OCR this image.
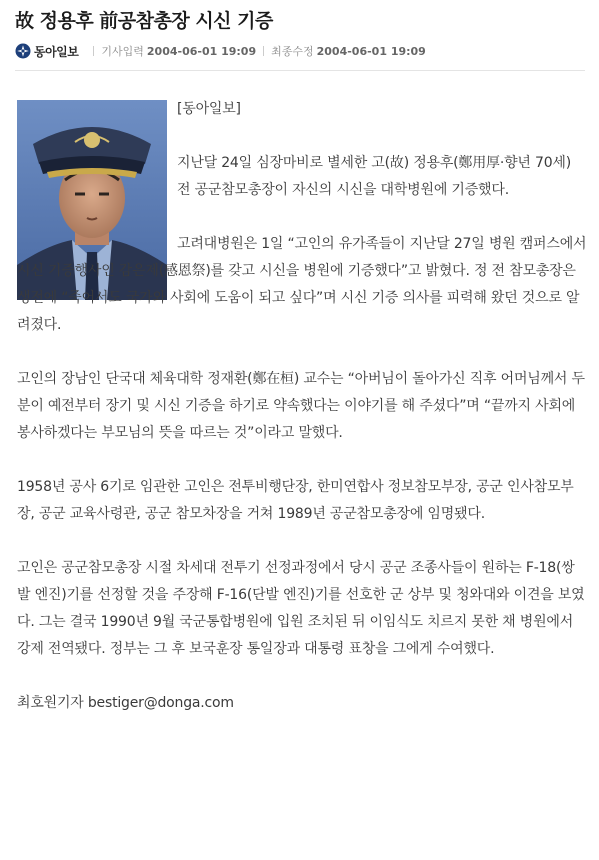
故 정용후 前공참총장 시신 기증
동아일보 기사입력 2004-06-01 19:09 최종수정 2004-06-01 19:09

[동아일보]

지난달 24일 심장마비로 별세한 고(故) 정용후(鄭用厚·향년 70세) 전 공군참모총장이 자신의 시신을 대학병원에 기증했다.

고려대병원은 1일 “고인의 유가족들이 지난달 27일 병원 캠퍼스에서 시신 기증행사인 감은제(感恩祭)를 갖고 시신을 병원에 기증했다”고 밝혔다. 정 전 참모총장은 생전에 “죽어서도 국가와 사회에 도움이 되고 싶다”며 시신 기증 의사를 피력해 왔던 것으로 알려졌다.

고인의 장남인 단국대 체육대학 정재환(鄭在桓) 교수는 “아버님이 돌아가신 직후 어머님께서 두 분이 예전부터 장기 및 시신 기증을 하기로 약속했다는 이야기를 해 주셨다”며 “끝까지 사회에 봉사하겠다는 부모님의 뜻을 따르는 것”이라고 말했다.

1958년 공사 6기로 임관한 고인은 전투비행단장, 한미연합사 정보참모부장, 공군 인사참모부장, 공군 교육사령관, 공군 참모차장을 거쳐 1989년 공군참모총장에 임명됐다.

고인은 공군참모총장 시절 차세대 전투기 선정과정에서 당시 공군 조종사들이 원하는 F-18(쌍발 엔진)기를 선정할 것을 주장해 F-16(단발 엔진)기를 선호한 군 상부 및 청와대와 이견을 보였다. 그는 결국 1990년 9월 국군통합병원에 입원 조치된 뒤 이임식도 치르지 못한 채 병원에서 강제 전역됐다. 정부는 그 후 보국훈장 통일장과 대통령 표창을 그에게 수여했다.

최호원기자 bestiger@donga.com
